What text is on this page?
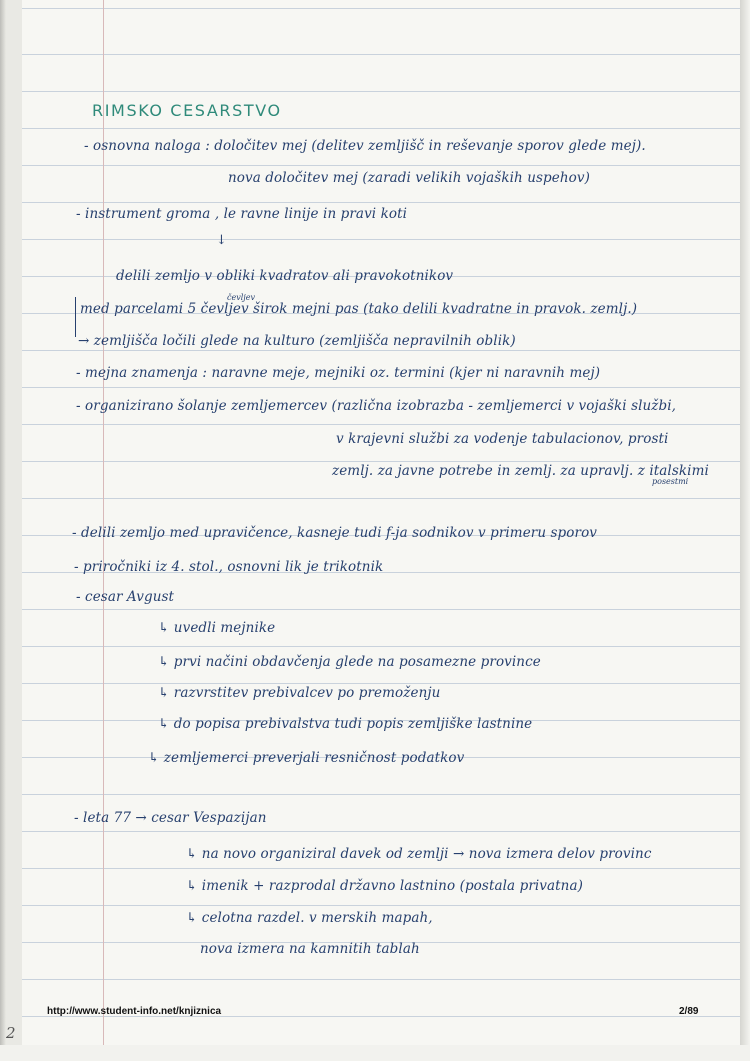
RIMSKO CESARSTVO
- osnovna naloga : določitev mej (delitev zemljišč in reševanje sporov glede mej).
nova določitev mej (zaradi velikih vojaških uspehov)
- instrument groma , le ravne linije in pravi koti
↓
delili zemljo v obliki kvadratov ali pravokotnikov
čevljev
med parcelami 5 čevljev širok mejni pas (tako delili kvadratne in pravok. zemlj.)
→ zemljišča ločili glede na kulturo (zemljišča nepravilnih oblik)
- mejna znamenja : naravne meje, mejniki oz. termini (kjer ni naravnih mej)
- organizirano šolanje zemljemercev (različna izobrazba - zemljemerci v vojaški službi,
v krajevni službi za vodenje tabulacionov, prosti
zemlj. za javne potrebe in zemlj. za upravlj. z italskimi
posestmi
- delili zemljo med upravičence, kasneje tudi f-ja sodnikov v primeru sporov
- priročniki iz 4. stol., osnovni lik je trikotnik
- cesar Avgust
↳ uvedli mejnike
↳ prvi načini obdavčenja glede na posamezne province
↳ razvrstitev prebivalcev po premoženju
↳ do popisa prebivalstva tudi popis zemljiške lastnine
↳ zemljemerci preverjali resničnost podatkov
- leta 77 → cesar Vespazijan
↳ na novo organiziral davek od zemlji → nova izmera delov provinc
↳ imenik + razprodal državno lastnino (postala privatna)
↳ celotna razdel. v merskih mapah,
nova izmera na kamnitih tablah
http://www.student-info.net/knjiznica	2/89
2
